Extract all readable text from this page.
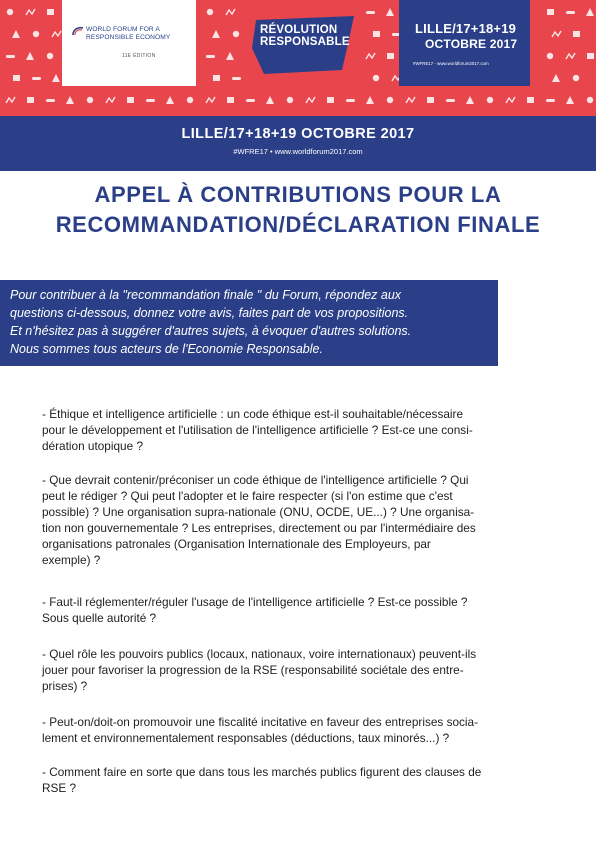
WORLD FORUM FOR A
RESPONSIBLE ECONOMY
11E ÉDITION
RÉVOLUTION
RESPONSABLE
LILLE/17+18+19
OCTOBRE 2017
#WFRE17 - www.worldforum2017.com
LILLE/17+18+19 OCTOBRE 2017
#WFRE17 • www.worldforum2017.com
APPEL À CONTRIBUTIONS POUR LA
RECOMMANDATION/DÉCLARATION FINALE
Pour contribuer à la "recommandation finale " du Forum, répondez aux
questions ci-dessous, donnez votre avis, faites part de vos propositions.
Et n'hésitez pas à suggérer d'autres sujets, à évoquer d'autres solutions.
Nous sommes tous acteurs de l'Economie Responsable.
- Éthique et intelligence artificielle : un code éthique est-il souhaitable/nécessaire
pour le développement et l'utilisation de l'intelligence artificielle ? Est-ce une consi-
dération utopique ?
- Que devrait contenir/préconiser un code éthique de l'intelligence artificielle ? Qui
peut le rédiger ? Qui peut l'adopter et le faire respecter (si l'on estime que c'est
possible) ? Une organisation supra-nationale (ONU, OCDE, UE...) ? Une organisa-
tion non gouvernementale ? Les entreprises, directement ou par l'intermédiaire des
organisations patronales (Organisation Internationale des Employeurs, par
exemple) ?
- Faut-il réglementer/réguler l'usage de l'intelligence artificielle ? Est-ce possible ?
Sous quelle autorité ?
- Quel rôle les pouvoirs publics (locaux, nationaux, voire internationaux) peuvent-ils
jouer pour favoriser la progression de la RSE (responsabilité sociétale des entre-
prises) ?
- Peut-on/doit-on promouvoir une fiscalité incitative en faveur des entreprises socia-
lement et environnementalement responsables (déductions, taux minorés...) ?
- Comment faire en sorte que dans tous les marchés publics figurent des clauses de
RSE ?
